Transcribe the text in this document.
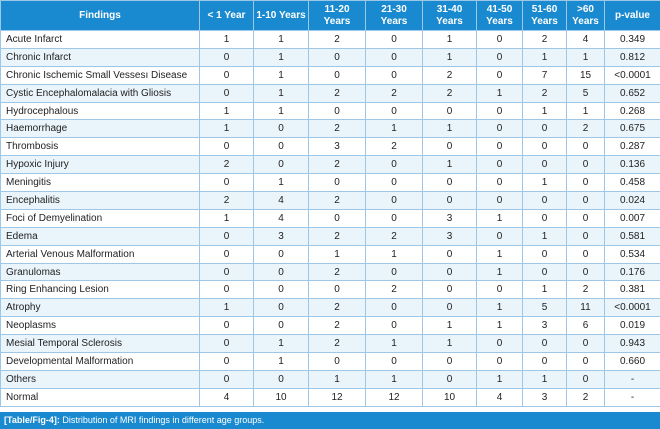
Findings	< 1 Year	1-10 Years	11-20 Years	21-30 Years	31-40 Years	41-50 Years	51-60 Years	>60 Years	p-value
Acute Infarct	1	1	2	0	1	0	2	4	0.349
Chronic Infarct	0	1	0	0	1	0	1	1	0.812
Chronic Ischemic Small Vessesı Disease	0	1	0	0	2	0	7	15	<0.0001
Cystic Encephalomalacia with Gliosis	0	1	2	2	2	1	2	5	0.652
Hydrocephalous	1	1	0	0	0	0	1	1	0.268
Haemorrhage	1	0	2	1	1	0	0	2	0.675
Thrombosis	0	0	3	2	0	0	0	0	0.287
Hypoxic Injury	2	0	2	0	1	0	0	0	0.136
Meningitis	0	1	0	0	0	0	1	0	0.458
Encephalitis	2	4	2	0	0	0	0	0	0.024
Foci of Demyelination	1	4	0	0	3	1	0	0	0.007
Edema	0	3	2	2	3	0	1	0	0.581
Arterial Venous Malformation	0	0	1	1	0	1	0	0	0.534
Granulomas	0	0	2	0	0	1	0	0	0.176
Ring Enhancing Lesion	0	0	0	2	0	0	1	2	0.381
Atrophy	1	0	2	0	0	1	5	11	<0.0001
Neoplasms	0	0	2	0	1	1	3	6	0.019
Mesial Temporal Sclerosis	0	1	2	1	1	0	0	0	0.943
Developmental Malformation	0	1	0	0	0	0	0	0	0.660
Others	0	0	1	1	0	1	1	0	-
Normal	4	10	12	12	10	4	3	2	-
[Table/Fig-4]: Distribution of MRI findings in different age groups.
